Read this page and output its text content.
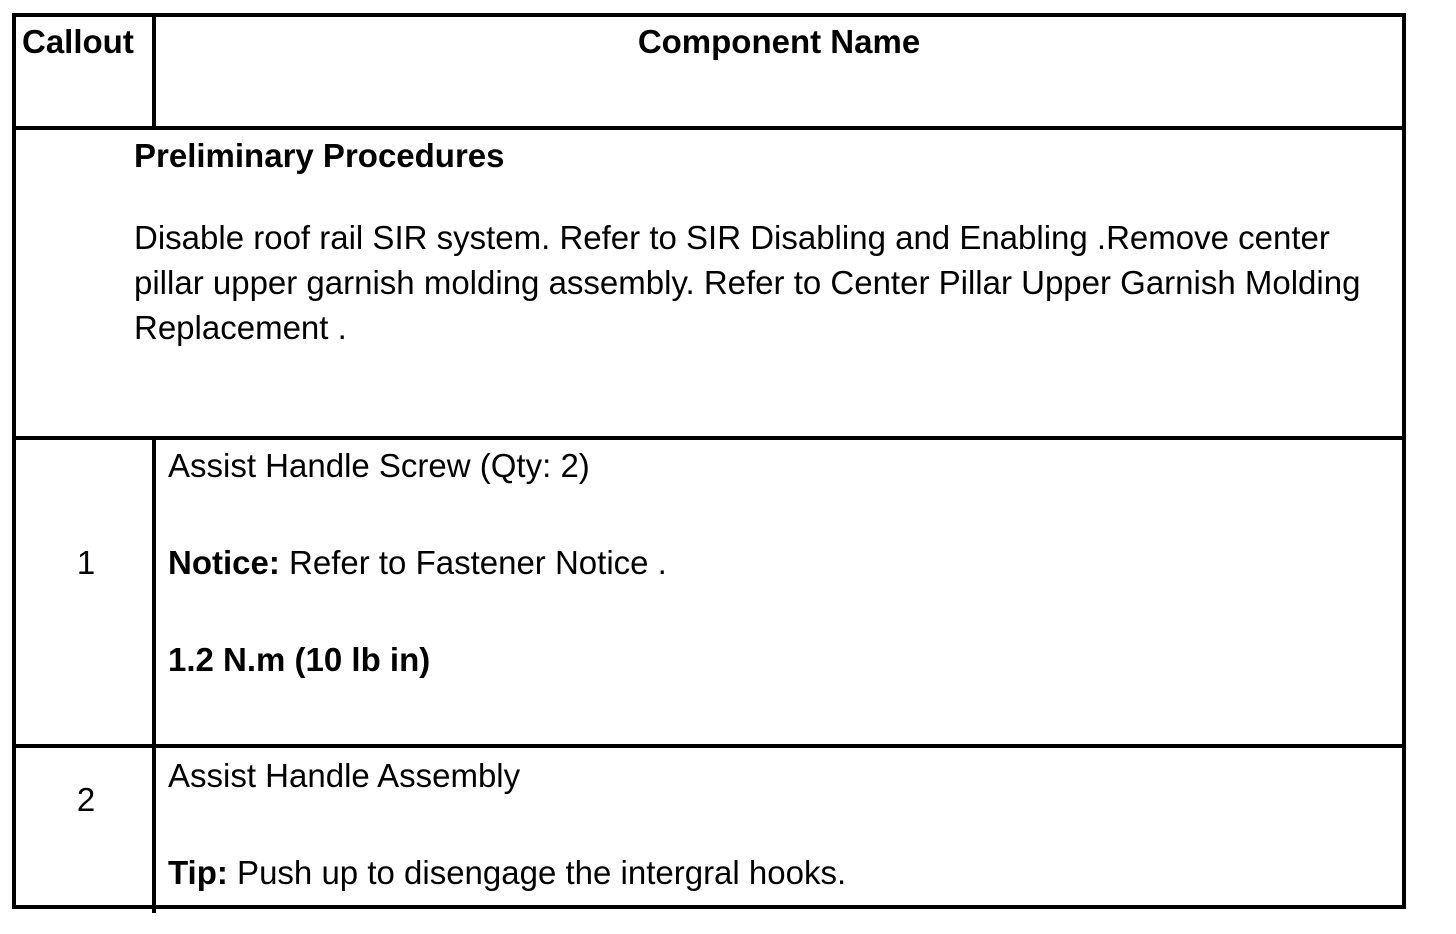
Callout	Component Name

Preliminary Procedures

Disable roof rail SIR system. Refer to SIR Disabling and Enabling .Remove center pillar upper garnish molding assembly. Refer to Center Pillar Upper Garnish Molding Replacement .

1

Assist Handle Screw (Qty: 2)

Notice: Refer to Fastener Notice .

1.2 N.m (10 lb in)

2

Assist Handle Assembly

Tip: Push up to disengage the intergral hooks.
